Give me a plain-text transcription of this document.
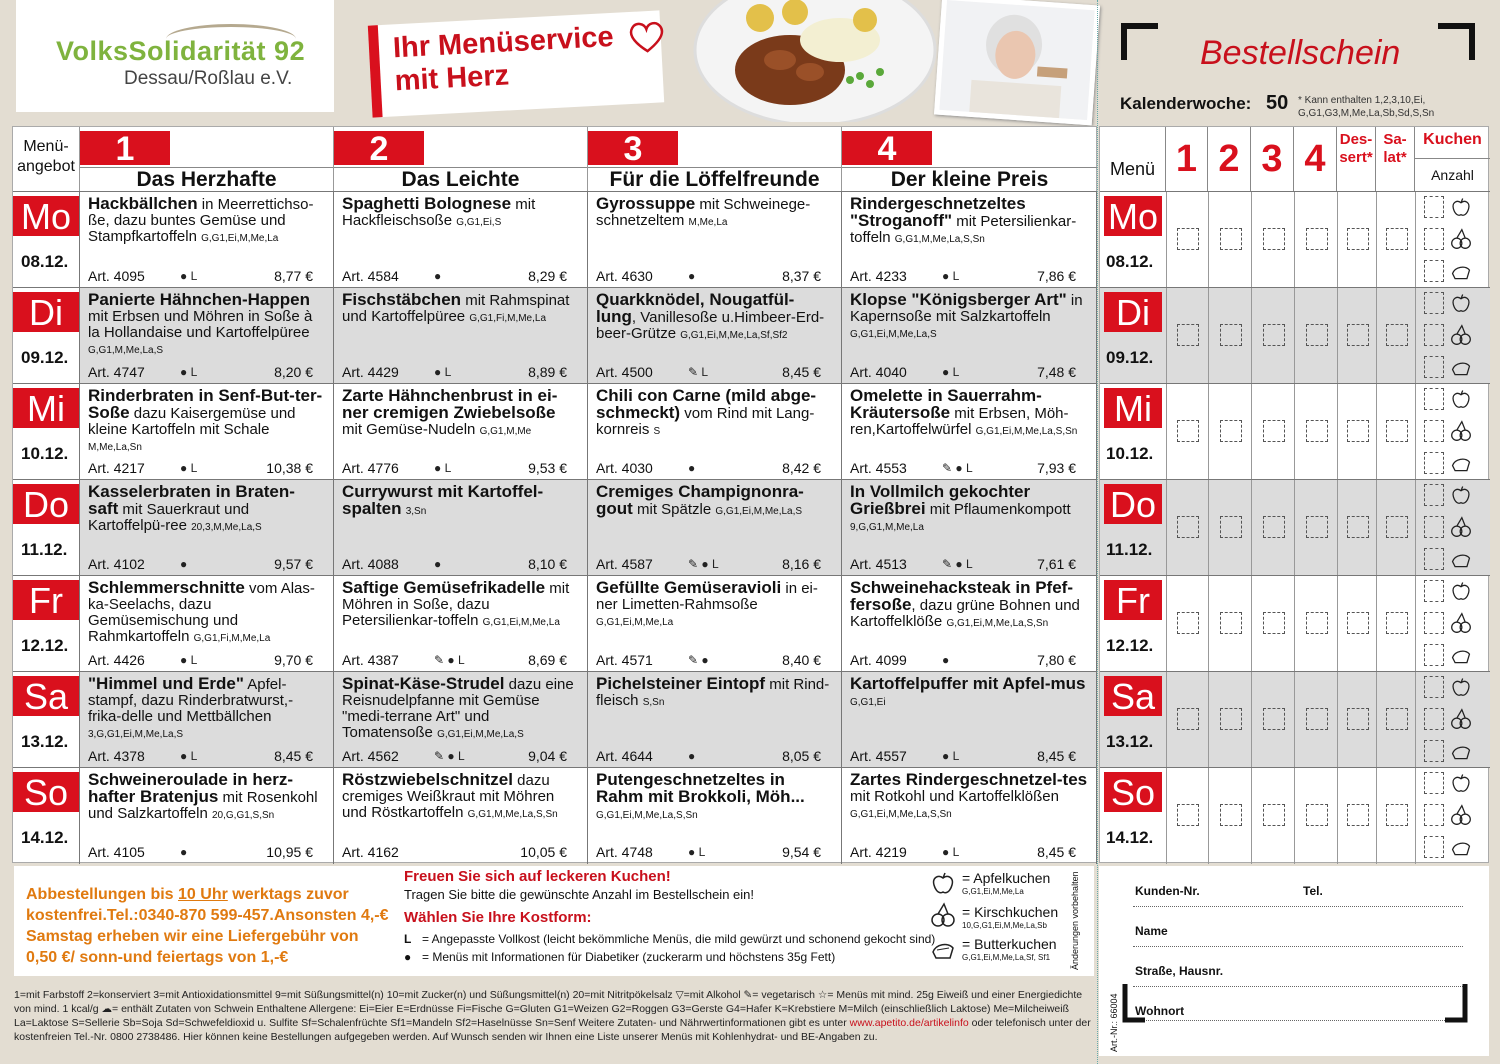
VolksSolidarität 92
Dessau/Roßlau e.V.
Ihr Menüservice
mit Herz
Bestellschein
Kalenderwoche: 50 * Kann enthalten 1,2,3,10,Ei, G,G1,G3,M,Me,La,Sb,Sd,S,Sn
Menü-angebot	1
Das Herzhafte
2
Das Leichte
3
Für die Löffelfreunde
4
Der kleine Preis
Mo
08.12.
Hackbällchen in Meerrettichso-ße, dazu buntes Gemüse und Stampfkartoffeln G,G1,Ei,M,Me,La
Art. 4095	● L	8,77 €
Spaghetti Bolognese mit Hackfleischsoße G,G1,Ei,S
Art. 4584	●	8,29 €
Gyrossuppe mit Schweinege-schnetzeltem M,Me,La
Art. 4630	●	8,37 €
Rindergeschnetzeltes "Stroganoff" mit Petersilienkar-toffeln G,G1,M,Me,La,S,Sn
Art. 4233	● L	7,86 €
Di
09.12.
Panierte Hähnchen-Happen mit Erbsen und Möhren in Soße à la Hollandaise und Kartoffelpüree G,G1,M,Me,La,S
Art. 4747	● L	8,20 €
Fischstäbchen mit Rahmspinat und Kartoffelpüree G,G1,Fi,M,Me,La
Art. 4429	● L	8,89 €
Quarkknödel, Nougatfül-lung, Vanillesoße u.Himbeer-Erd-beer-Grütze G,G1,Ei,M,Me,La,Sf,Sf2
Art. 4500	✎ L	8,45 €
Klopse "Königsberger Art" in Kapernsoße mit Salzkartoffeln G,G1,Ei,M,Me,La,S
Art. 4040	● L	7,48 €
Mi
10.12.
Rinderbraten in Senf-But-ter-Soße dazu Kaisergemüse und kleine Kartoffeln mit Schale M,Me,La,Sn
Art. 4217	● L	10,38 €
Zarte Hähnchenbrust in ei-ner cremigen Zwiebelsoße mit Gemüse-Nudeln G,G1,M,Me
Art. 4776	● L	9,53 €
Chili con Carne (mild abge-schmeckt) vom Rind mit Lang-kornreis S
Art. 4030	●	8,42 €
Omelette in Sauerrahm-Kräutersoße mit Erbsen, Möh-ren,Kartoffelwürfel G,G1,Ei,M,Me,La,S,Sn
Art. 4553	✎ ● L	7,93 €
Do
11.12.
Kasselerbraten in Braten-saft mit Sauerkraut und Kartoffelpü-ree 20,3,M,Me,La,S
Art. 4102	●	9,57 €
Currywurst mit Kartoffel-spalten 3,Sn
Art. 4088	●	8,10 €
Cremiges Champignonra-gout mit Spätzle G,G1,Ei,M,Me,La,S
Art. 4587	✎ ● L	8,16 €
In Vollmilch gekochter Grießbrei mit Pflaumenkompott 9,G,G1,M,Me,La
Art. 4513	✎ ● L	7,61 €
Fr
12.12.
Schlemmerschnitte vom Alas-ka-Seelachs, dazu Gemüsemischung und Rahmkartoffeln G,G1,Fi,M,Me,La
Art. 4426	● L	9,70 €
Saftige Gemüsefrikadelle mit Möhren in Soße, dazu Petersilienkar-toffeln G,G1,Ei,M,Me,La
Art. 4387	✎ ● L	8,69 €
Gefüllte Gemüseravioli in ei-ner Limetten-Rahmsoße G,G1,Ei,M,Me,La
Art. 4571	✎ ●	8,40 €
Schweinehacksteak in Pfef-fersoße, dazu grüne Bohnen und Kartoffelklöße G,G1,Ei,M,Me,La,S,Sn
Art. 4099	●	7,80 €
Sa
13.12.
"Himmel und Erde" Apfel-stampf, dazu Rinderbratwurst,-frika-delle und Mettbällchen 3,G,G1,Ei,M,Me,La,S
Art. 4378	● L	8,45 €
Spinat-Käse-Strudel dazu eine Reisnudelpfanne mit Gemüse "medi-terrane Art" und Tomatensoße G,G1,Ei,M,Me,La,S
Art. 4562	✎ ● L	9,04 €
Pichelsteiner Eintopf mit Rind-fleisch S,Sn
Art. 4644	●	8,05 €
Kartoffelpuffer mit Apfel-mus G,G1,Ei
Art. 4557	● L	8,45 €
So
14.12.
Schweineroulade in herz-hafter Bratenjus mit Rosenkohl und Salzkartoffeln 20,G,G1,S,Sn
Art. 4105	●	10,95 €
Röstzwiebelschnitzel dazu cremiges Weißkraut mit Möhren und Röstkartoffeln G,G1,M,Me,La,S,Sn
Art. 4162	10,05 €
Putengeschnetzeltes in Rahm mit Brokkoli, Möh... G,G1,Ei,M,Me,La,S,Sn
Art. 4748	● L	9,54 €
Zartes Rindergeschnetzel-tes mit Rotkohl und Kartoffelklößen G,G1,Ei,M,Me,La,S,Sn
Art. 4219	● L	8,45 €
Menü 1 2 3 4 Des-sert*
Sa-lat*
Kuchen
Anzahl
Mo
08.12.
Di
09.12.
Mi
10.12.
Do
11.12.
Fr
12.12.
Sa
13.12.
So
14.12.
Abbestellungen bis 10 Uhr werktags zuvor
kostenfrei.Tel.:0340-870 599-457.Ansonsten 4,-€
Samstag erheben wir eine Liefergebühr von
0,50 €/ sonn-und feiertags von 1,-€
Freuen Sie sich auf leckeren Kuchen!
Tragen Sie bitte die gewünschte Anzahl im Bestellschein ein!
Wählen Sie Ihre Kostform:
L = Angepasste Vollkost (leicht bekömmliche Menüs, die mild gewürzt und schonend gekocht sind)
● = Menüs mit Informationen für Diabetiker (zuckerarm und höchstens 35g Fett)
= Apfelkuchen
G,G1,Ei,M,Me,La
= Kirschkuchen
10,G,G1,Ei,M,Me,La,Sb
= Butterkuchen
G,G1,Ei,M,Me,La,Sf, Sf1 Änderungen vorbehalten	Kunden-Nr.	Tel.
Name
Straße, Hausnr.
Wohnort
Art.-Nr.: 66004
1=mit Farbstoff 2=konserviert 3=mit Antioxidationsmittel 9=mit Süßungsmittel(n) 10=mit Zucker(n) und Süßungsmittel(n) 20=mit Nitritpökelsalz ▽=mit Alkohol ✎= vegetarisch ☆= Menüs mit mind. 25g Eiweiß und einer Energiedichte von mind. 1 kcal/g ☁= enthält Zutaten von Schwein Enthaltene Allergene: Ei=Eier E=Erdnüsse Fi=Fische G=Gluten G1=Weizen G2=Roggen G3=Gerste G4=Hafer K=Krebstiere M=Milch (einschließlich Laktose) Me=Milcheiweiß La=Laktose S=Sellerie Sb=Soja Sd=Schwefeldioxid u. Sulfite Sf=Schalenfrüchte Sf1=Mandeln Sf2=Haselnüsse Sn=Senf Weitere Zutaten- und Nährwertinformationen gibt es unter www.apetito.de/artikelinfo oder telefonisch unter der kostenfreien Tel.-Nr. 0800 2738486. Hier können keine Bestellungen aufgegeben werden. Auf Wunsch senden wir Ihnen eine Liste unserer Menüs mit Kohlenhydrat- und BE-Angaben zu.
